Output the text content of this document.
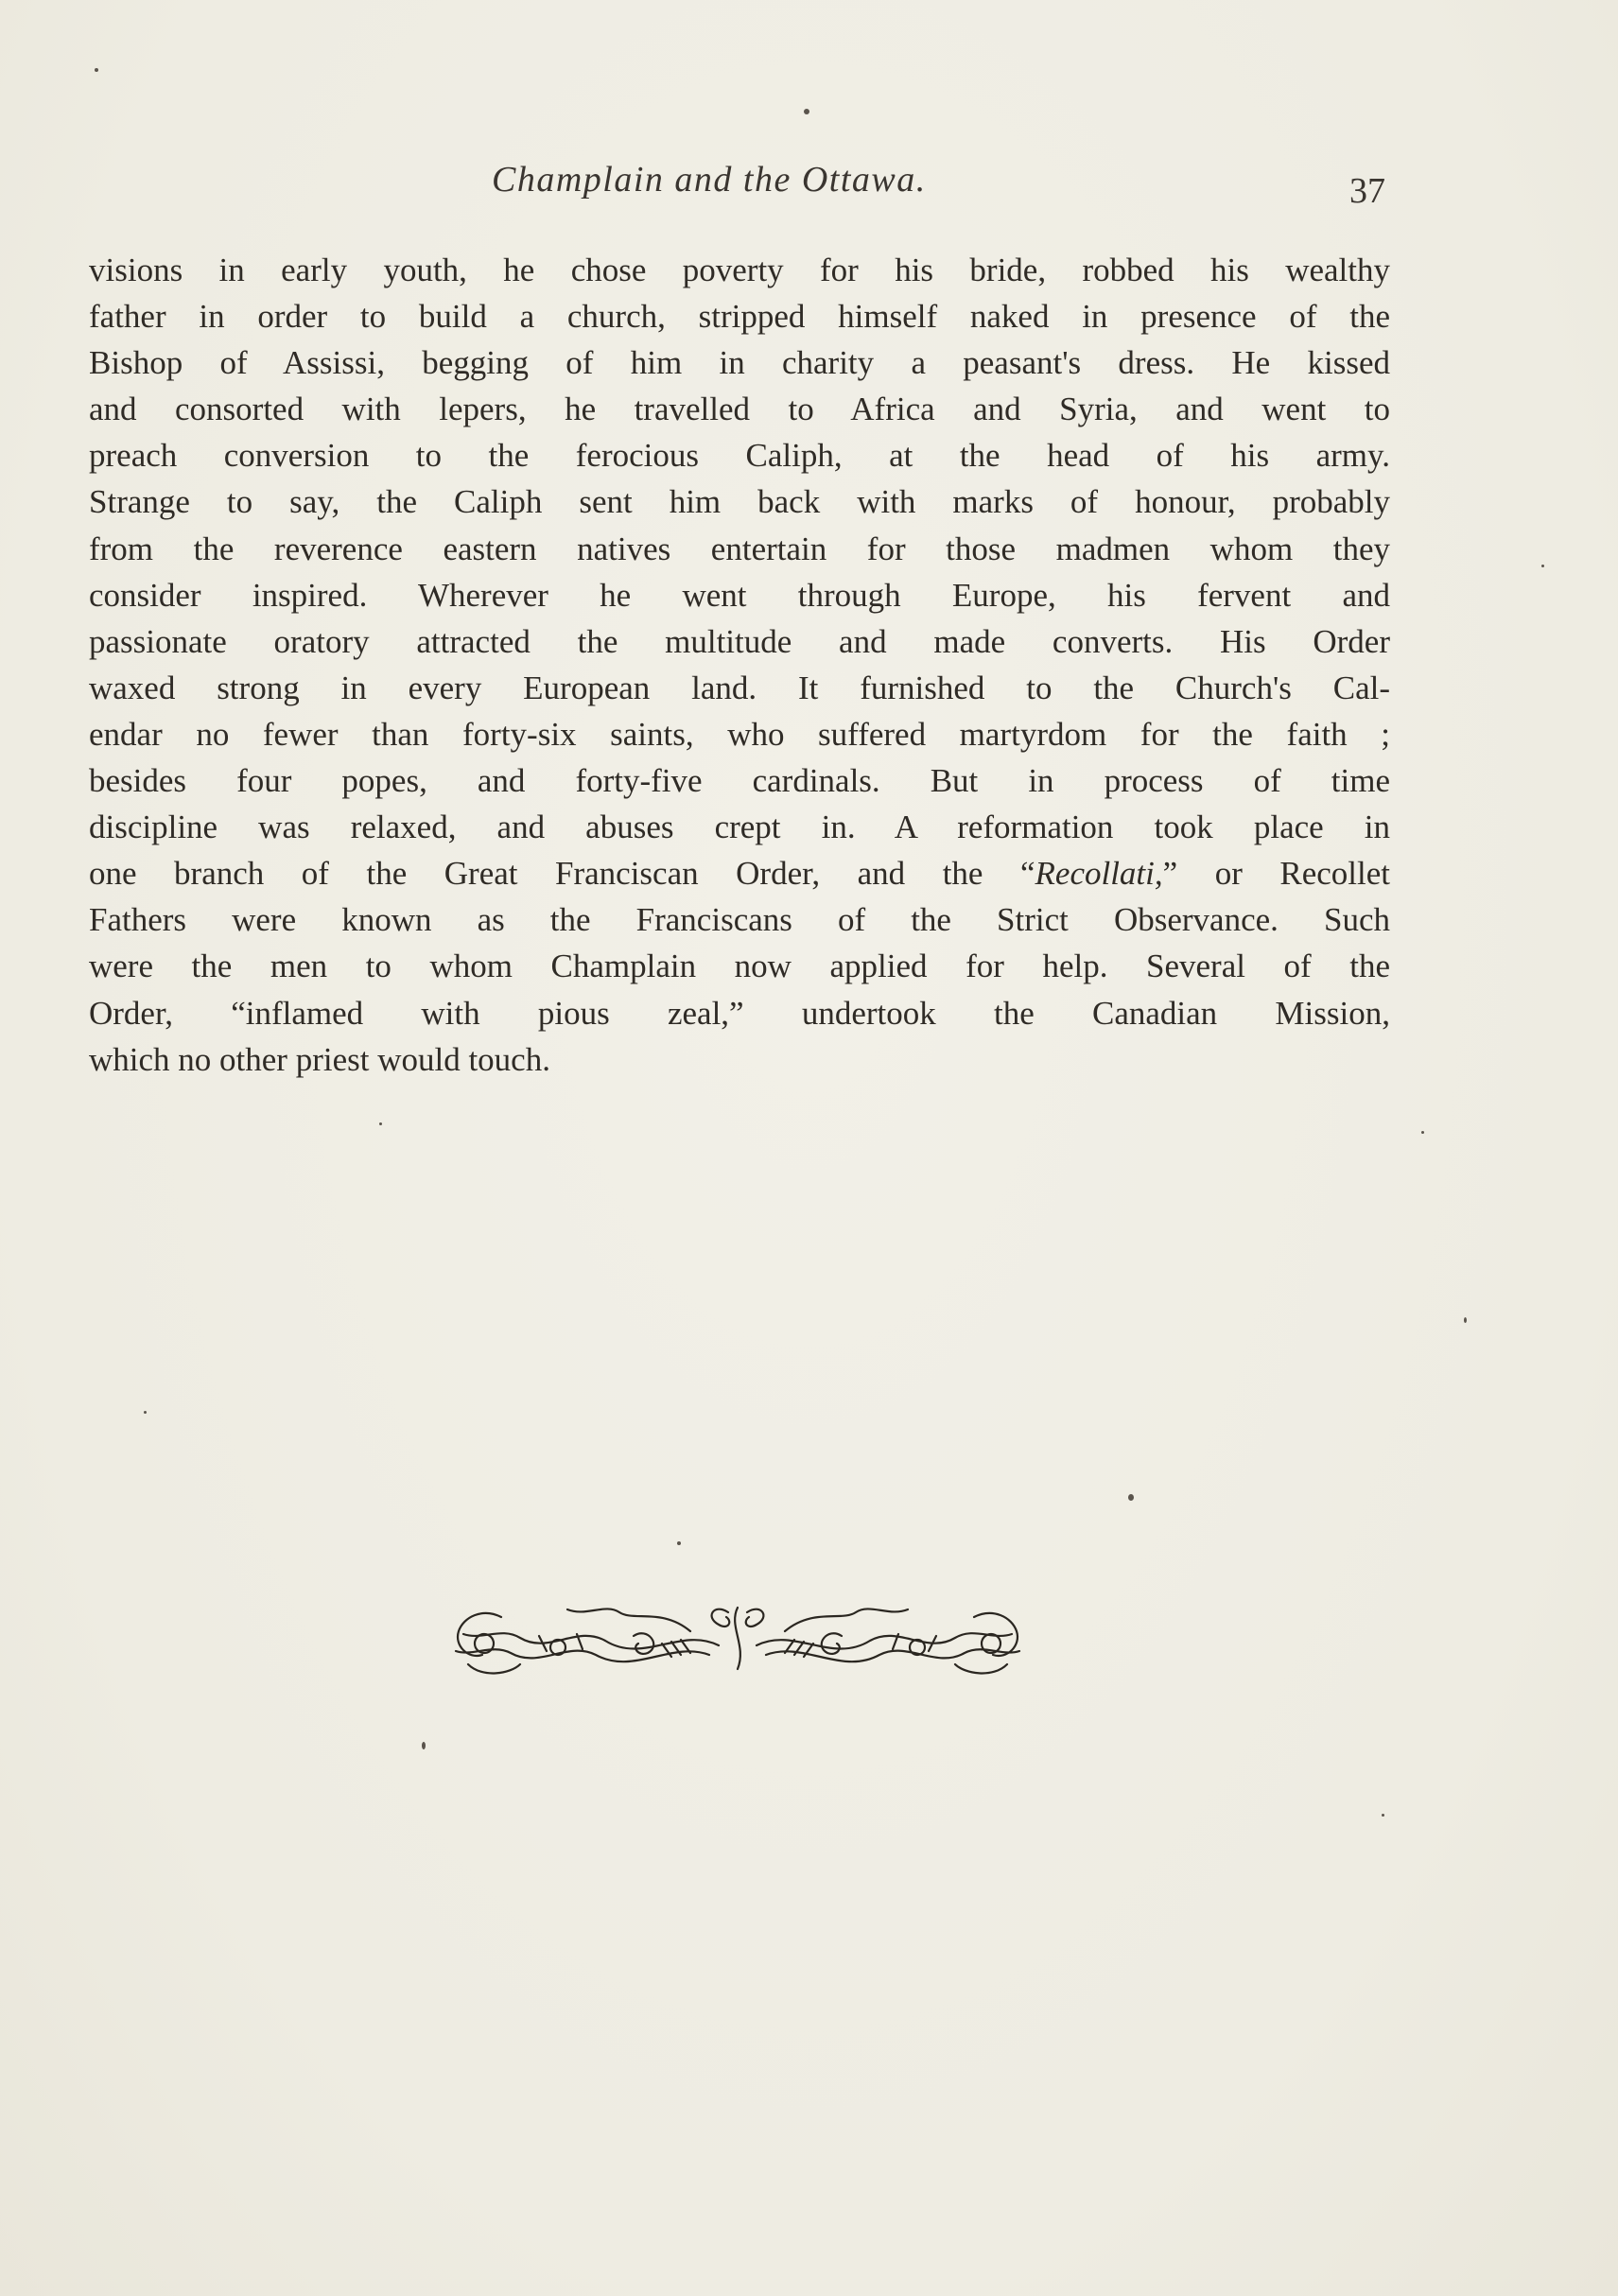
Champlain and the Ottawa.	37
visions in early youth, he chose poverty for his bride, robbed his wealthy
father in order to build a church, stripped himself naked in presence of the
Bishop of Assissi, begging of him in charity a peasant's dress. He kissed
and consorted with lepers, he travelled to Africa and Syria, and went to
preach conversion to the ferocious Caliph, at the head of his army.
Strange to say, the Caliph sent him back with marks of honour, probably
from the reverence eastern natives entertain for those madmen whom they
consider inspired. Wherever he went through Europe, his fervent and
passionate oratory attracted the multitude and made converts. His Order
waxed strong in every European land. It furnished to the Church's Cal-
endar no fewer than forty-six saints, who suffered martyrdom for the faith ;
besides four popes, and forty-five cardinals. But in process of time
discipline was relaxed, and abuses crept in. A reformation took place in
one branch of the Great Franciscan Order, and the “Recollati,” or Recollet
Fathers were known as the Franciscans of the Strict Observance. Such
were the men to whom Champlain now applied for help. Several of the
Order, “inflamed with pious zeal,” undertook the Canadian Mission,
which no other priest would touch.
